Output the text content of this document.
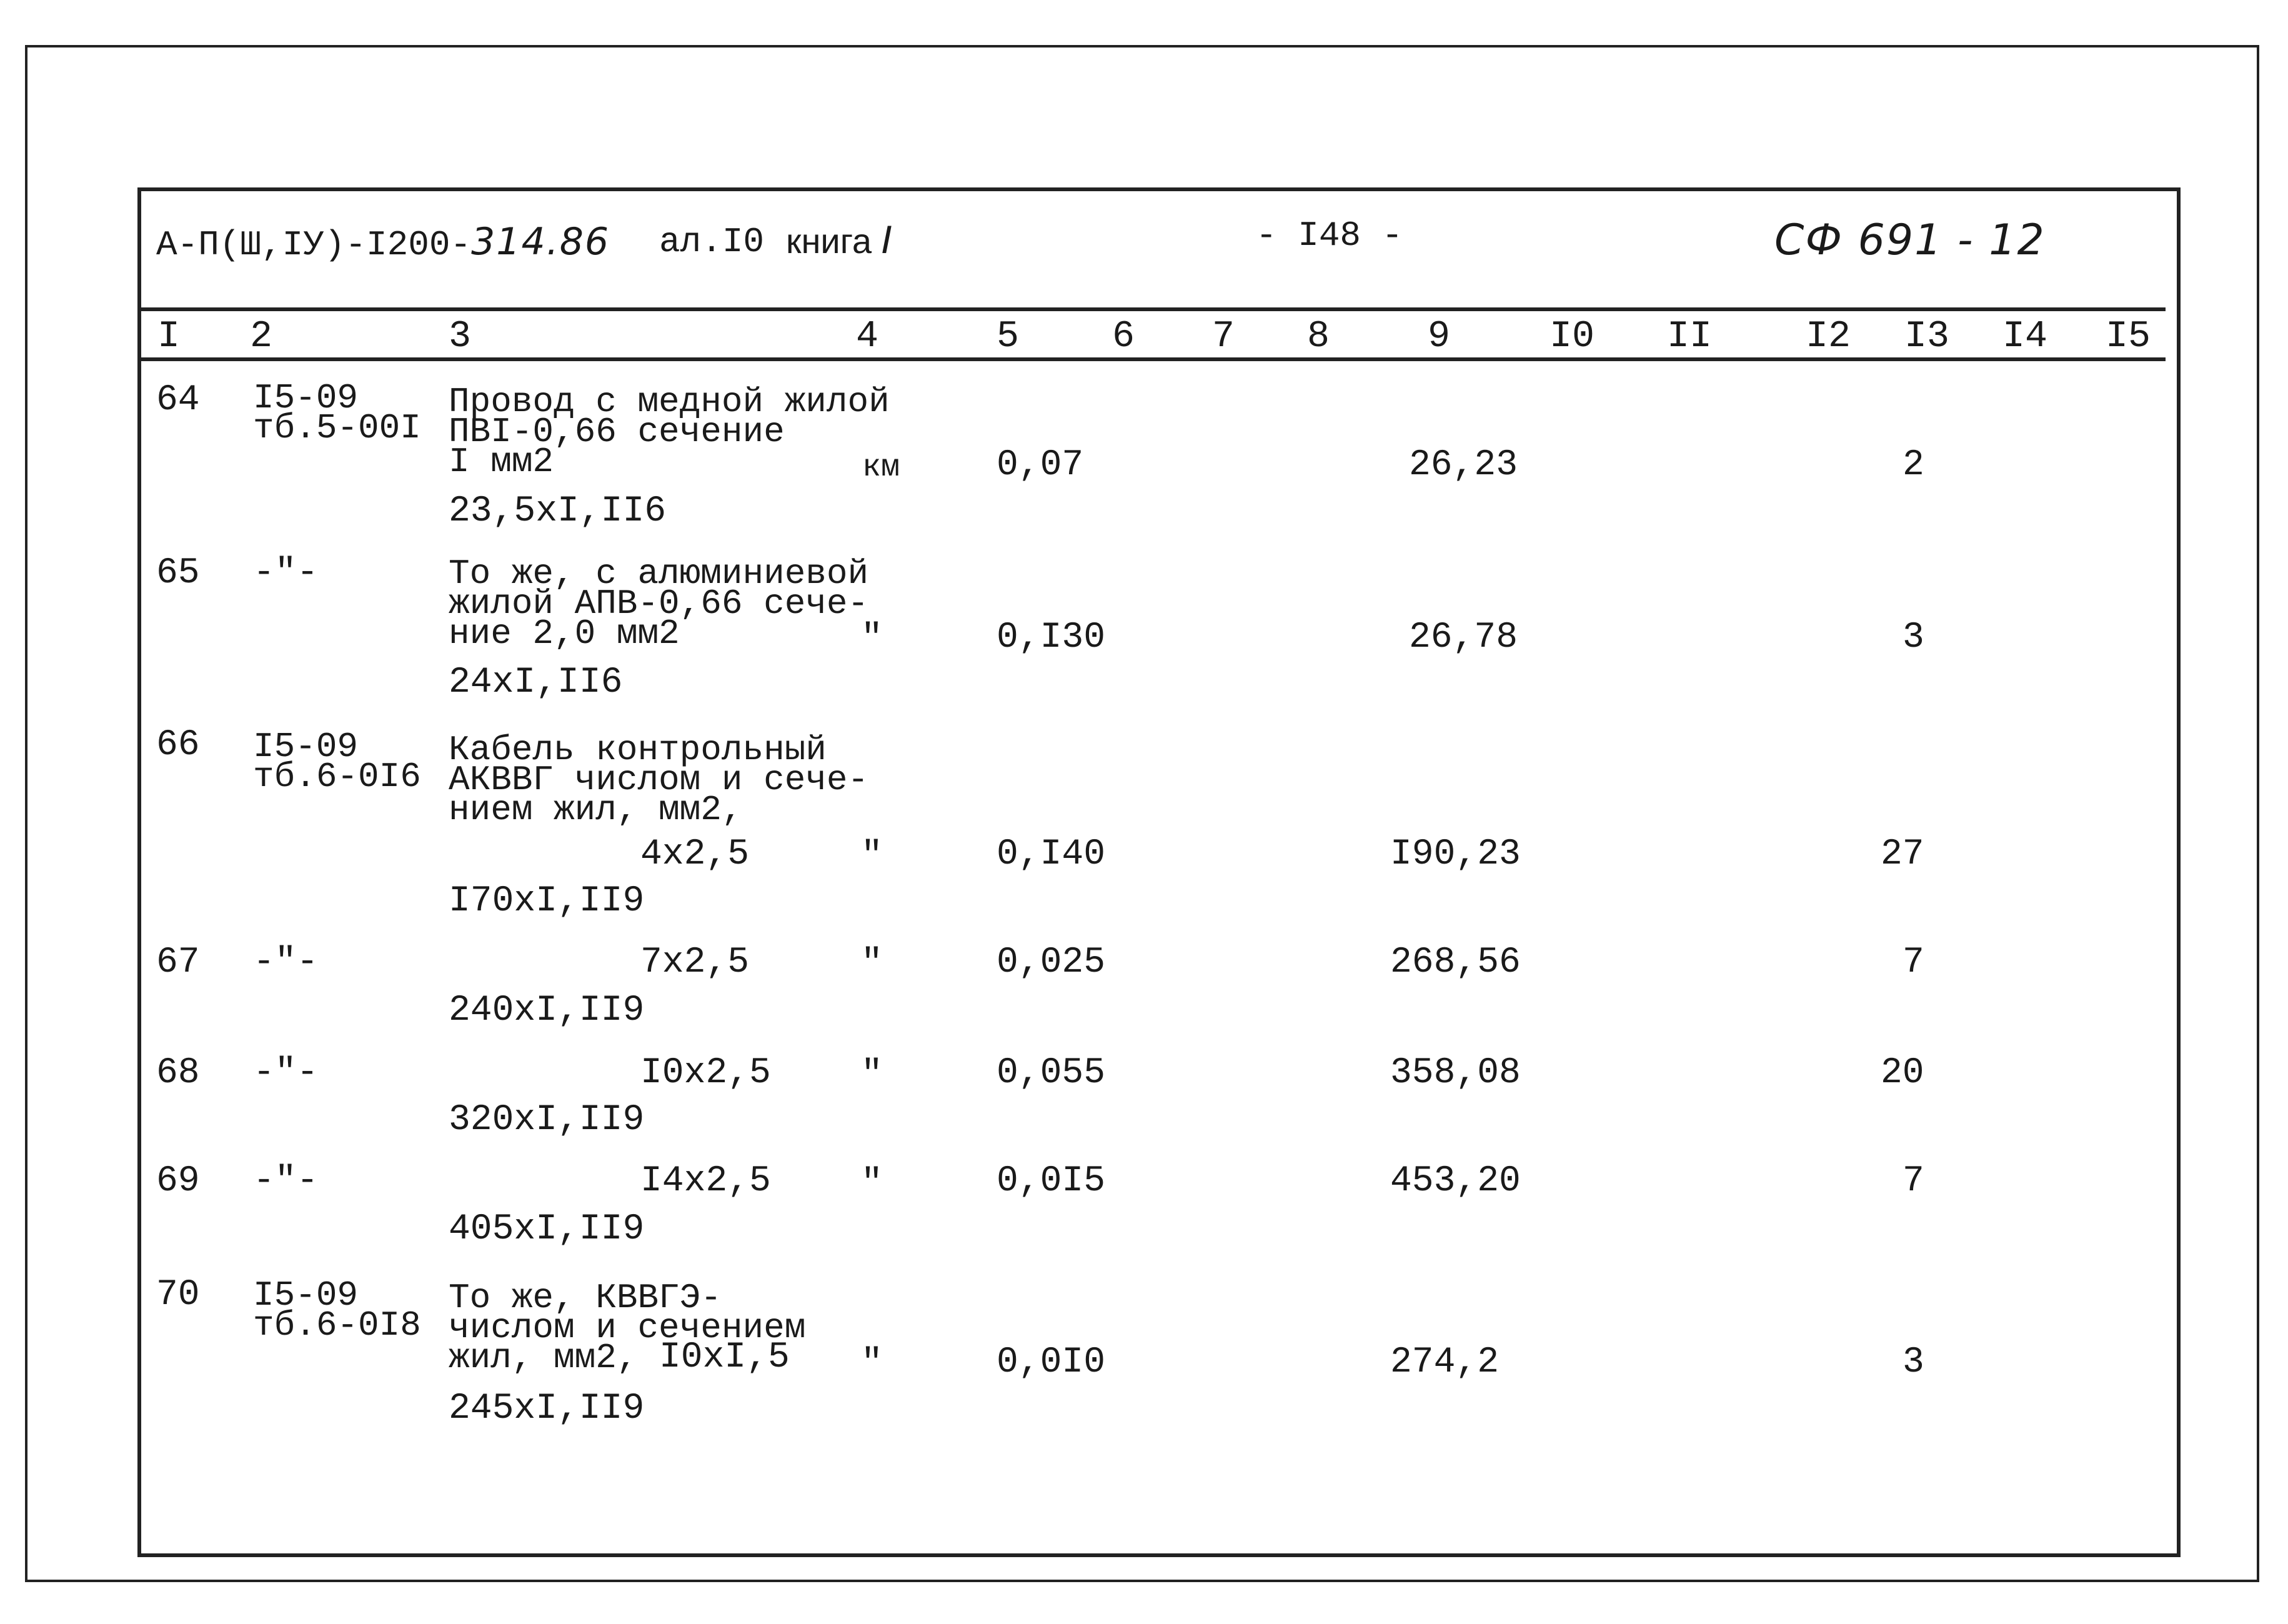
А-П(Ш,IУ)-I200-314.86 ал.I0 книга I	- I48 -	СФ 691 - 12
I 2	3	4	5 6 7 8	9	I0 II I2 I3 I4 I5
64 I5-09
тб.5-00I
Провод с медной жилой
ПВI-0,66 сечение
I мм2	км	0,07	26,23	2
23,5xI,II6
65 -"-	То же, с алюминиевой
жилой АПВ-0,66 сече-
ние 2,0 мм2	"	0,I30	26,78	3
24xI,II6
66 I5-09
тб.6-0I6
Кабель контрольный
АКВВГ числом и сече-
нием жил, мм2,
4x2,5	"	0,I40	I90,23	27
I70xI,II9
67 -"-	7x2,5	"	0,025	268,56	7
240xI,II9
68 -"-	I0x2,5 "	0,055	358,08	20
320xI,II9
69 -"-	I4x2,5 "	0,0I5	453,20	7
405xI,II9
70 I5-09
тб.6-0I8
То же, КВВГЭ-
числом и сечением
жил, мм2, I0xI,5 "	0,0I0	274,2	3
245xI,II9
